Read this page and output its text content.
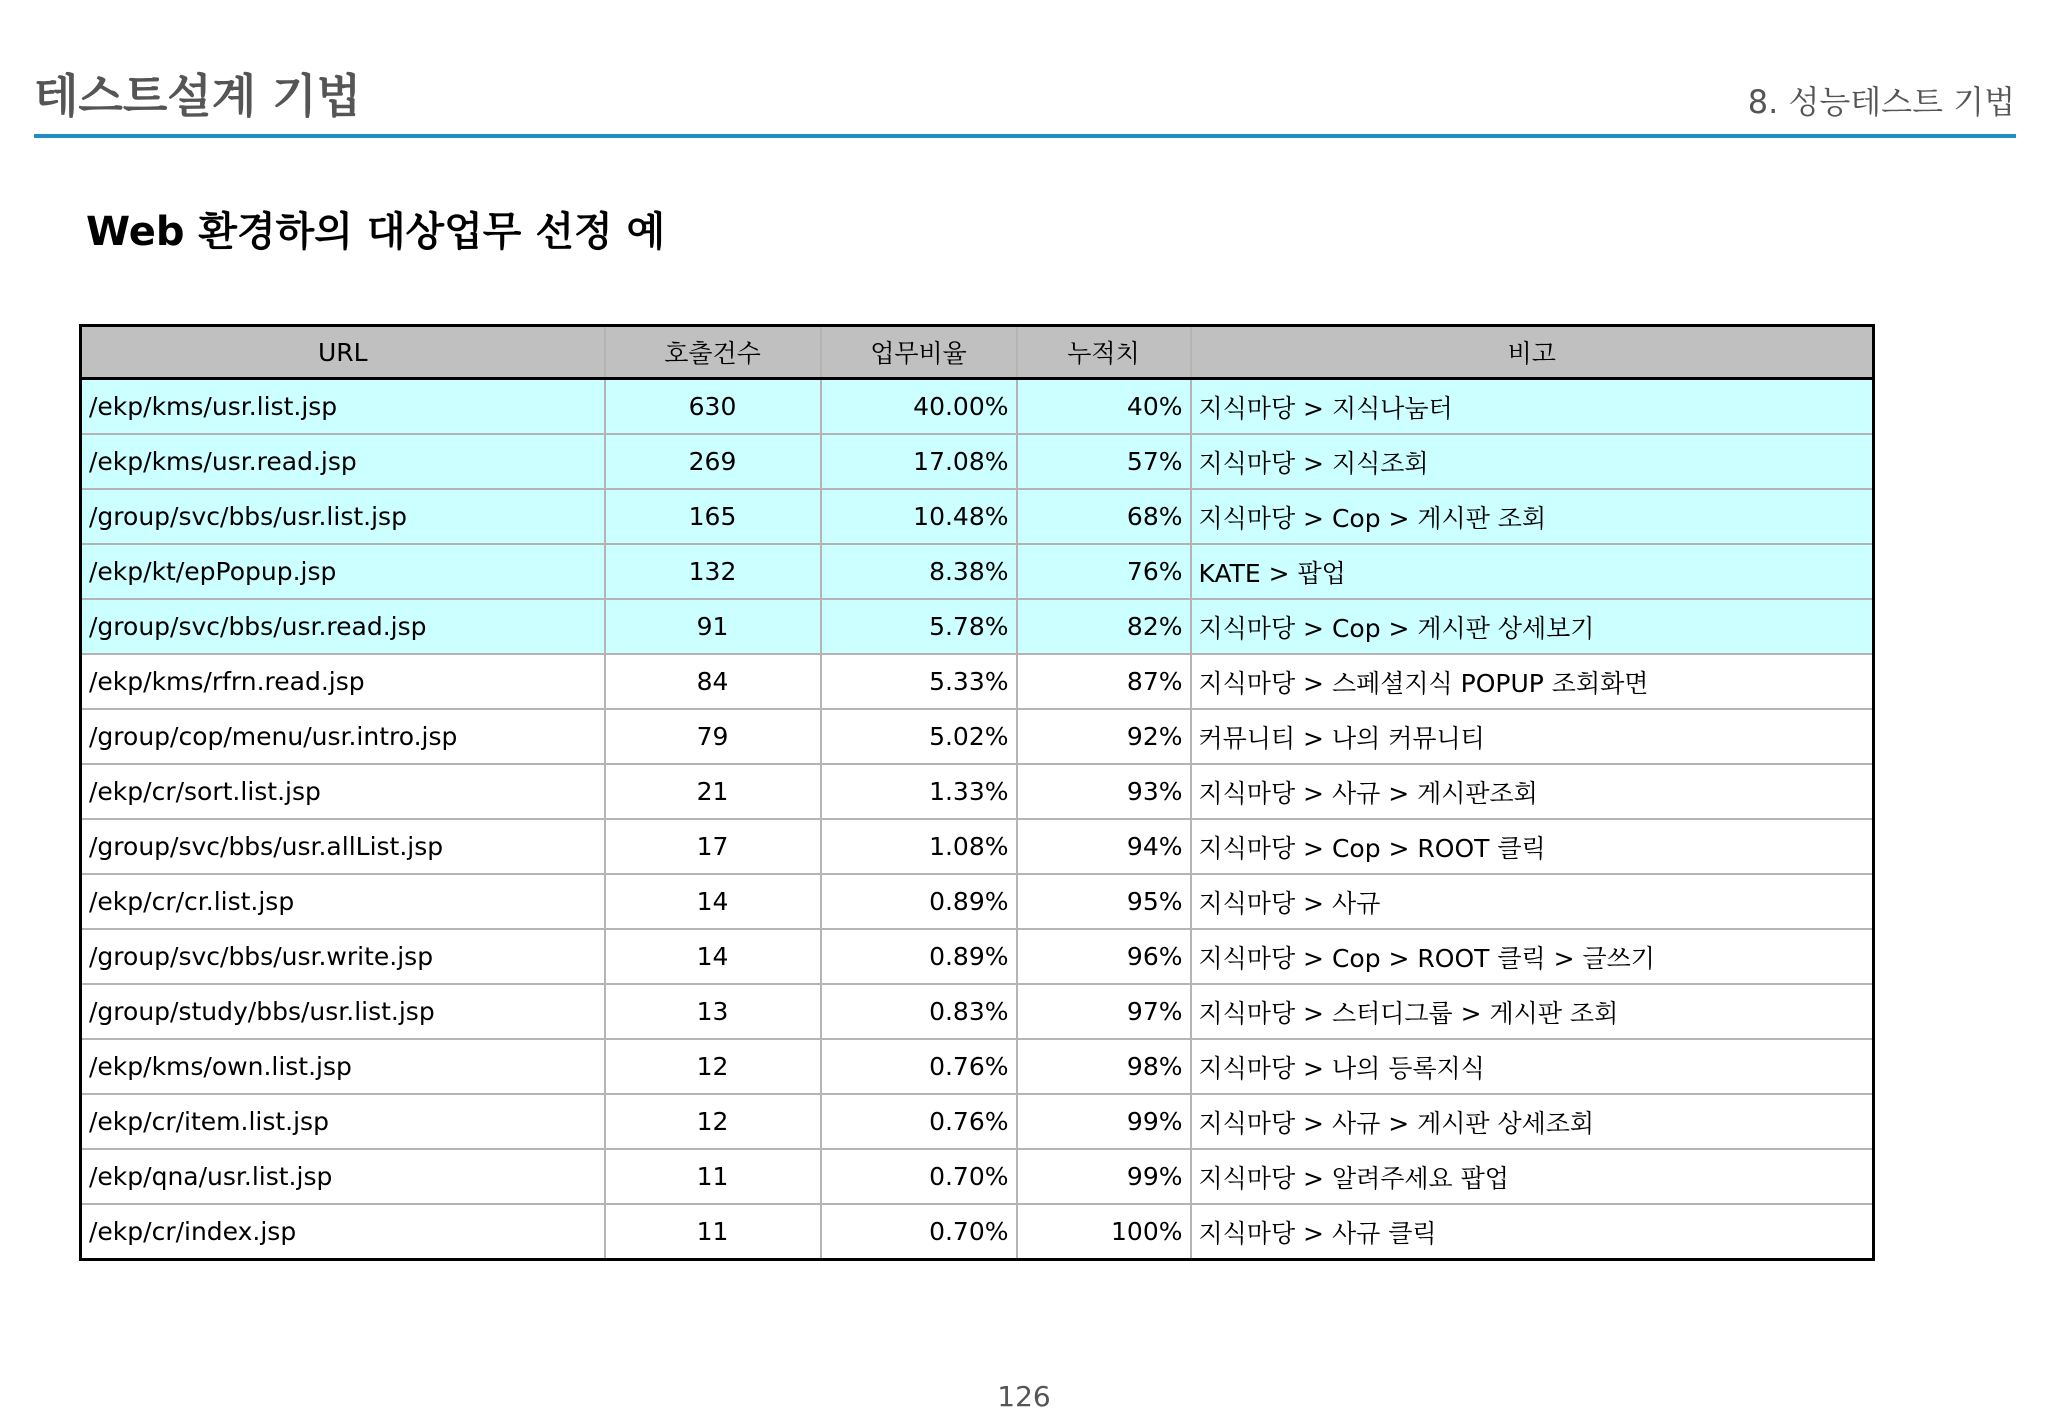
테스트설계 기법	8. 성능테스트 기법
Web 환경하의 대상업무 선정 예
URL	호출건수	업무비율	누적치	비고
/ekp/kms/usr.list.jsp	630	40.00%	40%	지식마당 > 지식나눔터
/ekp/kms/usr.read.jsp	269	17.08%	57%	지식마당 > 지식조회
/group/svc/bbs/usr.list.jsp	165	10.48%	68%	지식마당 > Cop > 게시판 조회
/ekp/kt/epPopup.jsp	132	8.38%	76%	KATE > 팝업
/group/svc/bbs/usr.read.jsp	91	5.78%	82%	지식마당 > Cop > 게시판 상세보기
/ekp/kms/rfrn.read.jsp	84	5.33%	87%	지식마당 > 스페셜지식 POPUP 조회화면
/group/cop/menu/usr.intro.jsp	79	5.02%	92%	커뮤니티 > 나의 커뮤니티
/ekp/cr/sort.list.jsp	21	1.33%	93%	지식마당 > 사규 > 게시판조회
/group/svc/bbs/usr.allList.jsp	17	1.08%	94%	지식마당 > Cop > ROOT 클릭
/ekp/cr/cr.list.jsp	14	0.89%	95%	지식마당 > 사규
/group/svc/bbs/usr.write.jsp	14	0.89%	96%	지식마당 > Cop > ROOT 클릭 > 글쓰기
/group/study/bbs/usr.list.jsp	13	0.83%	97%	지식마당 > 스터디그룹 > 게시판 조회
/ekp/kms/own.list.jsp	12	0.76%	98%	지식마당 > 나의 등록지식
/ekp/cr/item.list.jsp	12	0.76%	99%	지식마당 > 사규 > 게시판 상세조회
/ekp/qna/usr.list.jsp	11	0.70%	99%	지식마당 > 알려주세요 팝업
/ekp/cr/index.jsp	11	0.70%	100%	지식마당 > 사규 클릭
126
